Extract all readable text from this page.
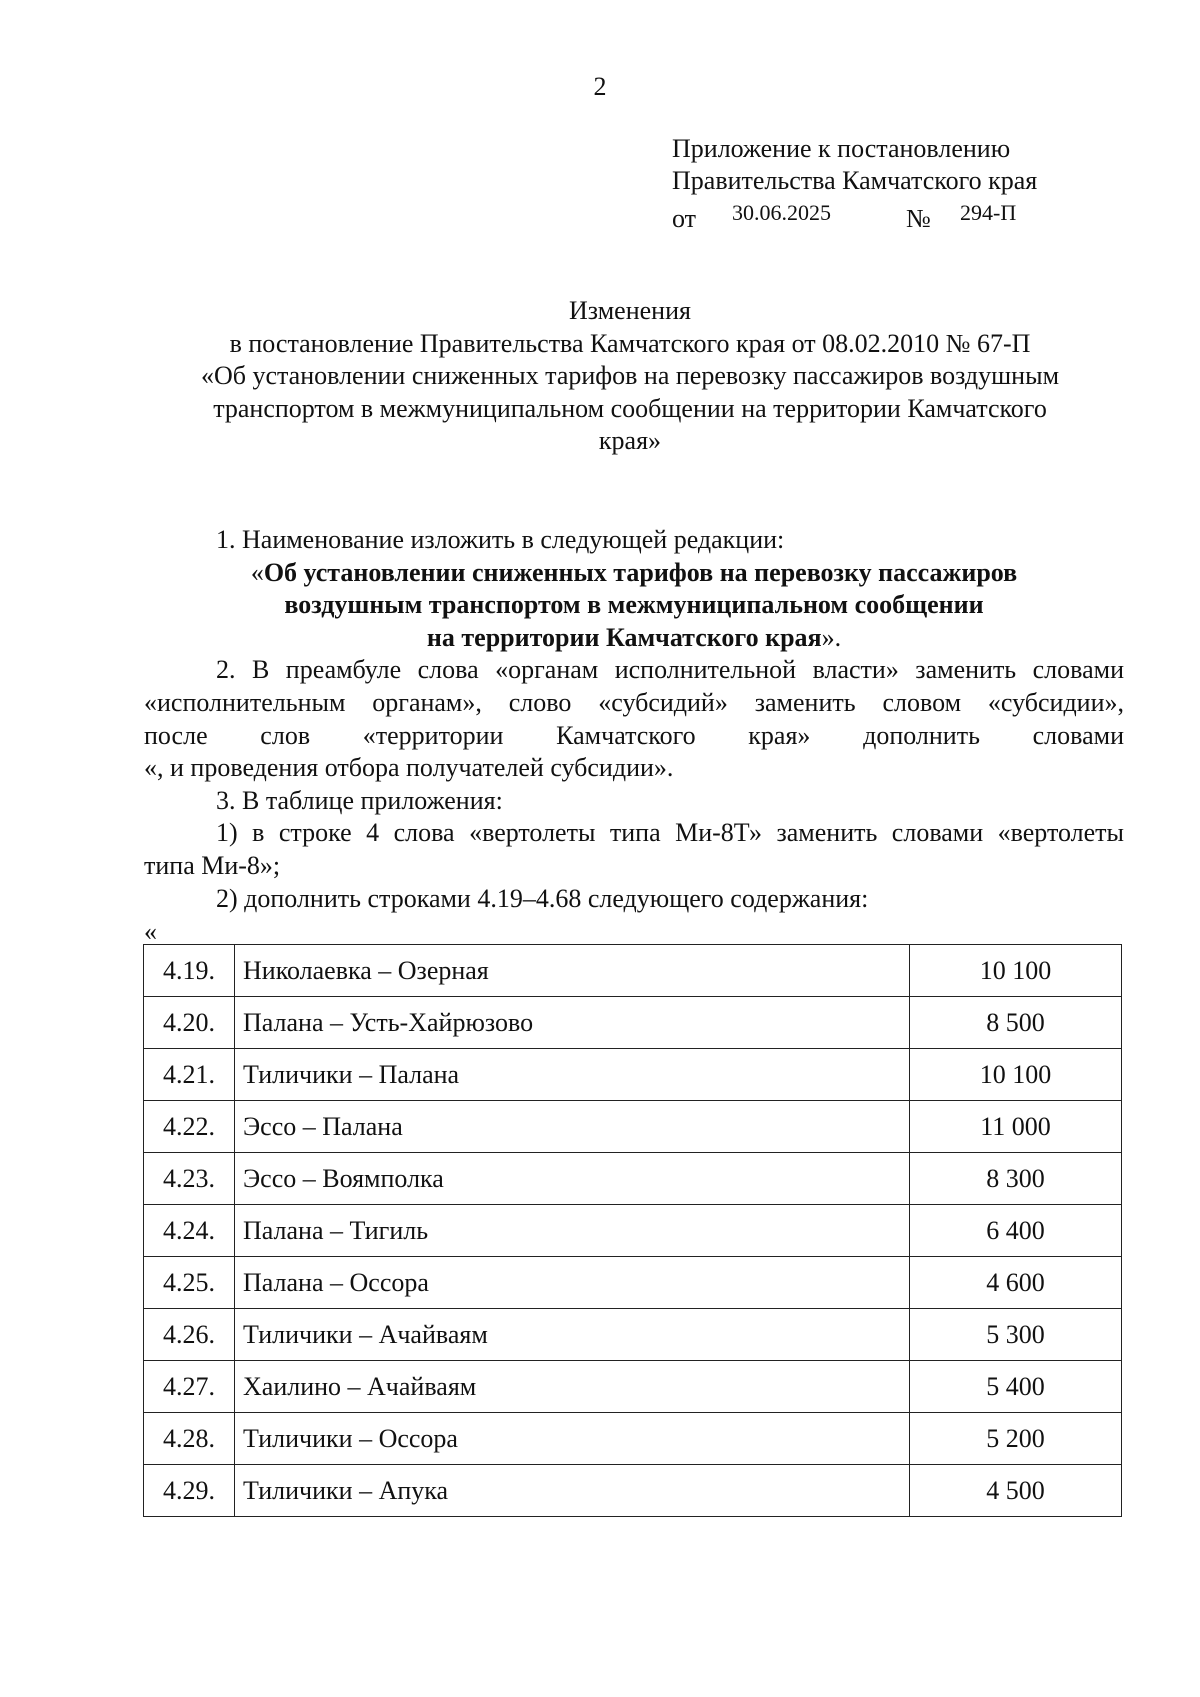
2
Приложение к постановлению
Правительства Камчатского края
от 30.06.2025	№ 294-П
Изменения
в постановление Правительства Камчатского края от 08.02.2010 № 67-П
«Об установлении сниженных тарифов на перевозку пассажиров воздушным
транспортом в межмуниципальном сообщении на территории Камчатского
края»
1. Наименование изложить в следующей редакции:
«Об установлении сниженных тарифов на перевозку пассажиров
воздушным транспортом в межмуниципальном сообщении
на территории Камчатского края».
2. В преамбуле слова «органам исполнительной власти» заменить словами
«исполнительным органам», слово «субсидий» заменить словом «субсидии»,
после слов «территории Камчатского края» дополнить словами
«, и проведения отбора получателей субсидии».
3. В таблице приложения:
1) в строке 4 слова «вертолеты типа Ми-8Т» заменить словами «вертолеты
типа Ми-8»;
2) дополнить строками 4.19–4.68 следующего содержания:
«
4.19.	Николаевка – Озерная	10 100
4.20.	Палана – Усть-Хайрюзово	8 500
4.21.	Тиличики – Палана	10 100
4.22.	Эссо – Палана	11 000
4.23.	Эссо – Воямполка	8 300
4.24.	Палана – Тигиль	6 400
4.25.	Палана – Оссора	4 600
4.26.	Тиличики – Ачайваям	5 300
4.27.	Хаилино – Ачайваям	5 400
4.28.	Тиличики – Оссора	5 200
4.29.	Тиличики – Апука	4 500
